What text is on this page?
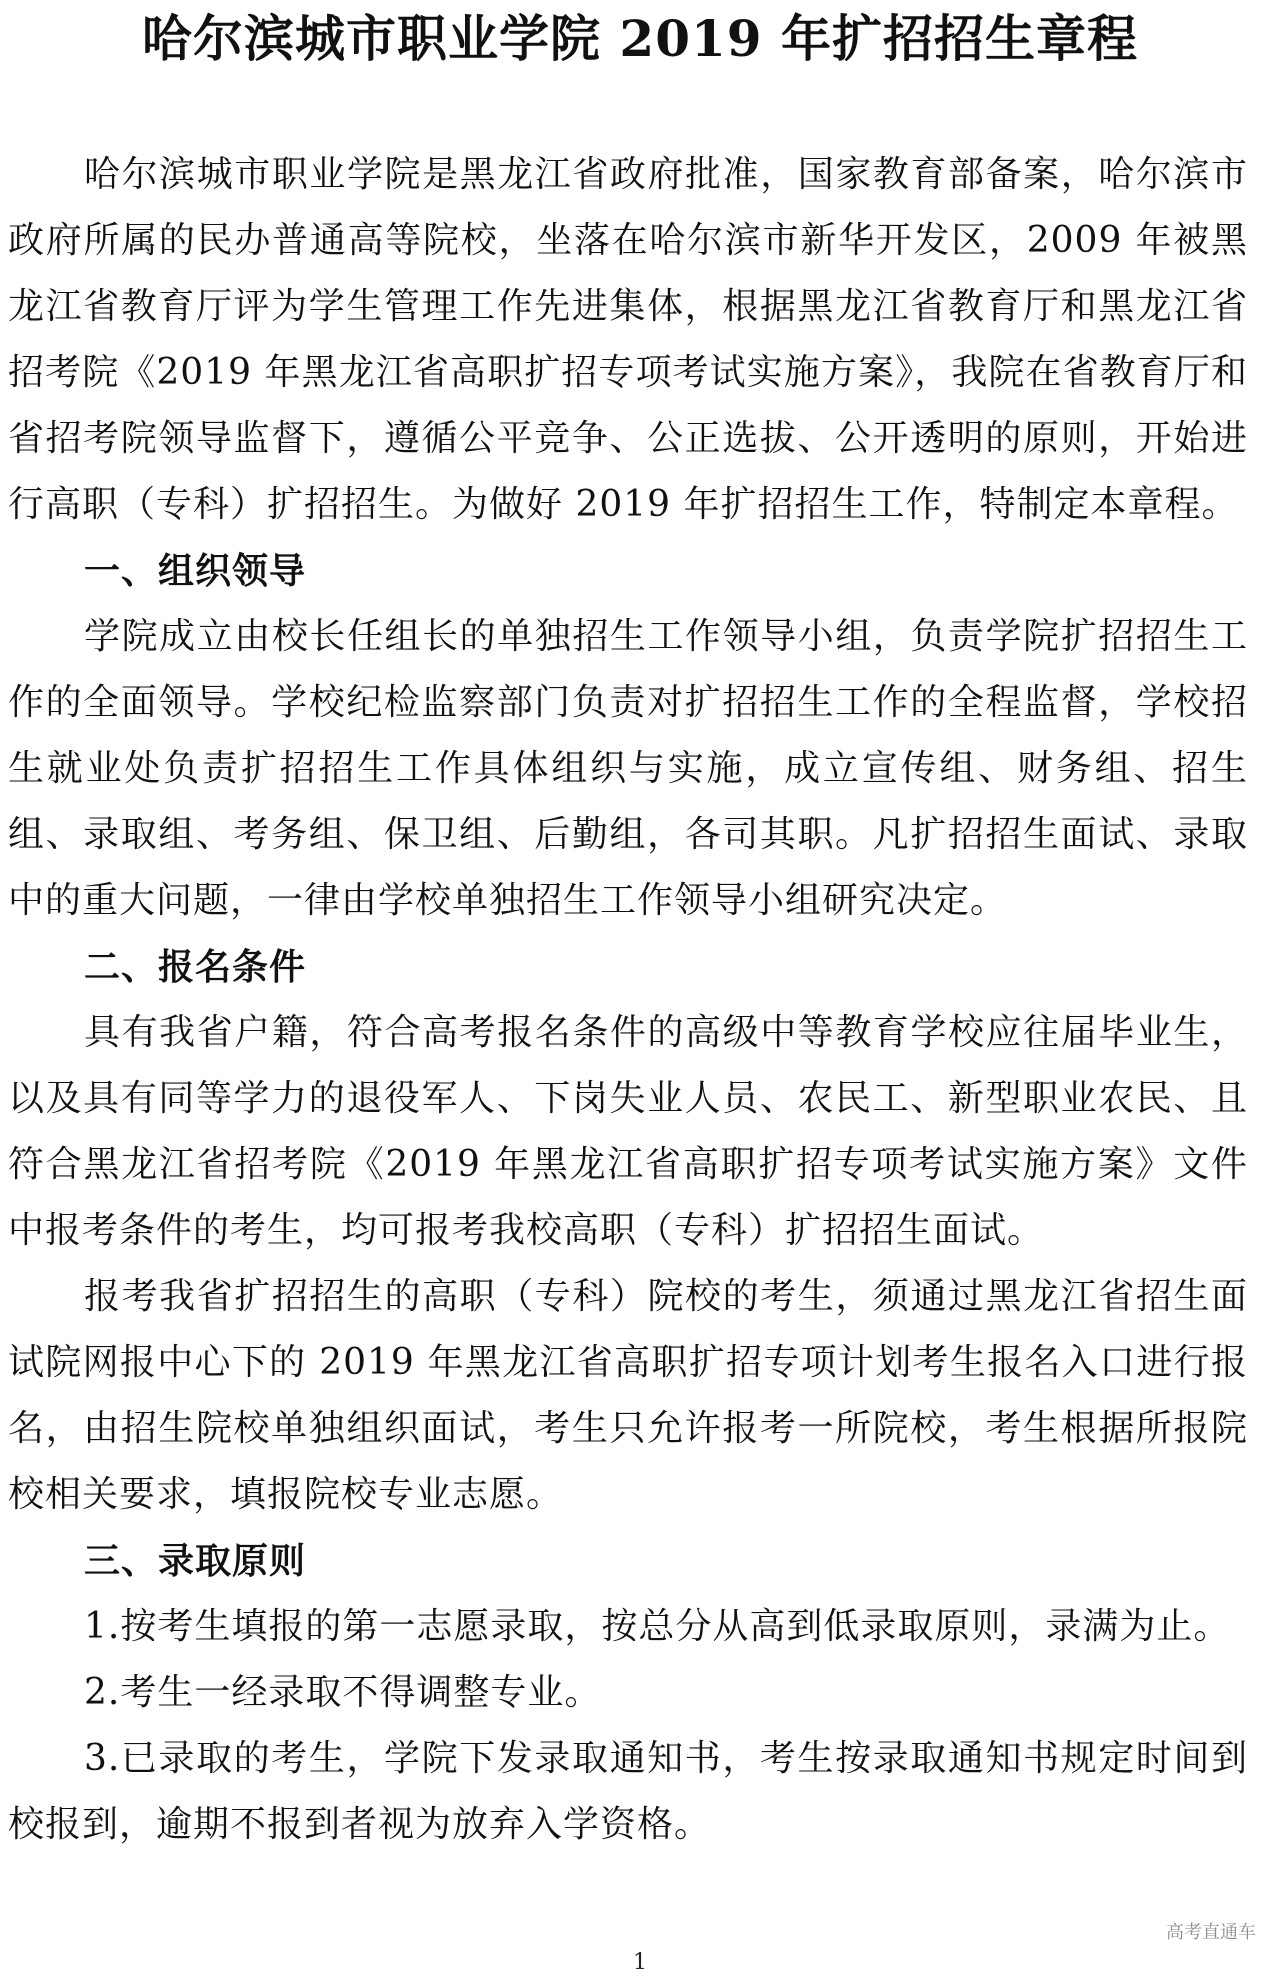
哈尔滨城市职业学院 2019 年扩招招生章程

哈尔滨城市职业学院是黑龙江省政府批准，国家教育部备案，哈尔滨市政府所属的民办普通高等院校，坐落在哈尔滨市新华开发区，2009 年被黑龙江省教育厅评为学生管理工作先进集体，根据黑龙江省教育厅和黑龙江省招考院《2019 年黑龙江省高职扩招专项考试实施方案》，我院在省教育厅和省招考院领导监督下，遵循公平竞争、公正选拔、公开透明的原则，开始进行高职（专科）扩招招生。为做好 2019 年扩招招生工作，特制定本章程。

一、组织领导

学院成立由校长任组长的单独招生工作领导小组，负责学院扩招招生工作的全面领导。学校纪检监察部门负责对扩招招生工作的全程监督，学校招生就业处负责扩招招生工作具体组织与实施，成立宣传组、财务组、招生组、录取组、考务组、保卫组、后勤组，各司其职。凡扩招招生面试、录取中的重大问题，一律由学校单独招生工作领导小组研究决定。

二、报名条件

具有我省户籍，符合高考报名条件的高级中等教育学校应往届毕业生，以及具有同等学力的退役军人、下岗失业人员、农民工、新型职业农民、且符合黑龙江省招考院《2019 年黑龙江省高职扩招专项考试实施方案》文件中报考条件的考生，均可报考我校高职（专科）扩招招生面试。

报考我省扩招招生的高职（专科）院校的考生，须通过黑龙江省招生面试院网报中心下的 2019 年黑龙江省高职扩招专项计划考生报名入口进行报名，由招生院校单独组织面试，考生只允许报考一所院校，考生根据所报院校相关要求，填报院校专业志愿。

三、录取原则

1.按考生填报的第一志愿录取，按总分从高到低录取原则，录满为止。

2.考生一经录取不得调整专业。

3.已录取的考生，学院下发录取通知书，考生按录取通知书规定时间到校报到，逾期不报到者视为放弃入学资格。

高考直通车
1
